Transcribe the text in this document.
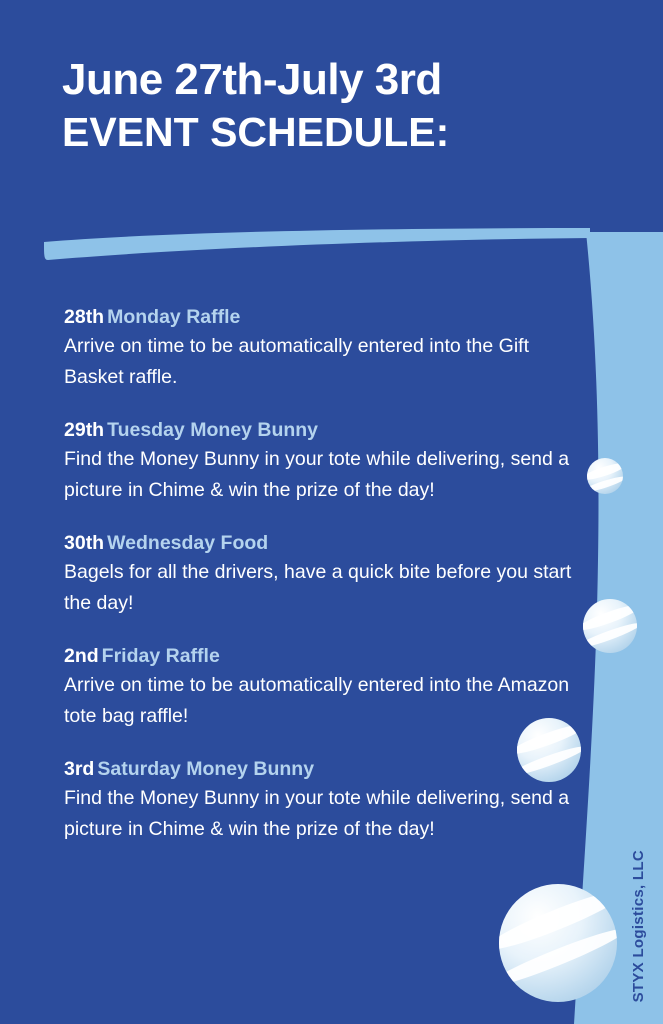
June 27th-July 3rd
EVENT SCHEDULE:
28th Monday Raffle
Arrive on time to be automatically entered into the Gift Basket raffle.
29th Tuesday Money Bunny
Find the Money Bunny in your tote while delivering, send a picture in Chime & win the prize of the day!
30th Wednesday Food
Bagels for all the drivers, have a quick bite before you start the day!
2nd Friday Raffle
Arrive on time to be automatically entered into the Amazon tote bag raffle!
3rd Saturday Money Bunny
Find the Money Bunny in your tote while delivering, send a picture in Chime & win the prize of the day!
STYX Logistics, LLC
